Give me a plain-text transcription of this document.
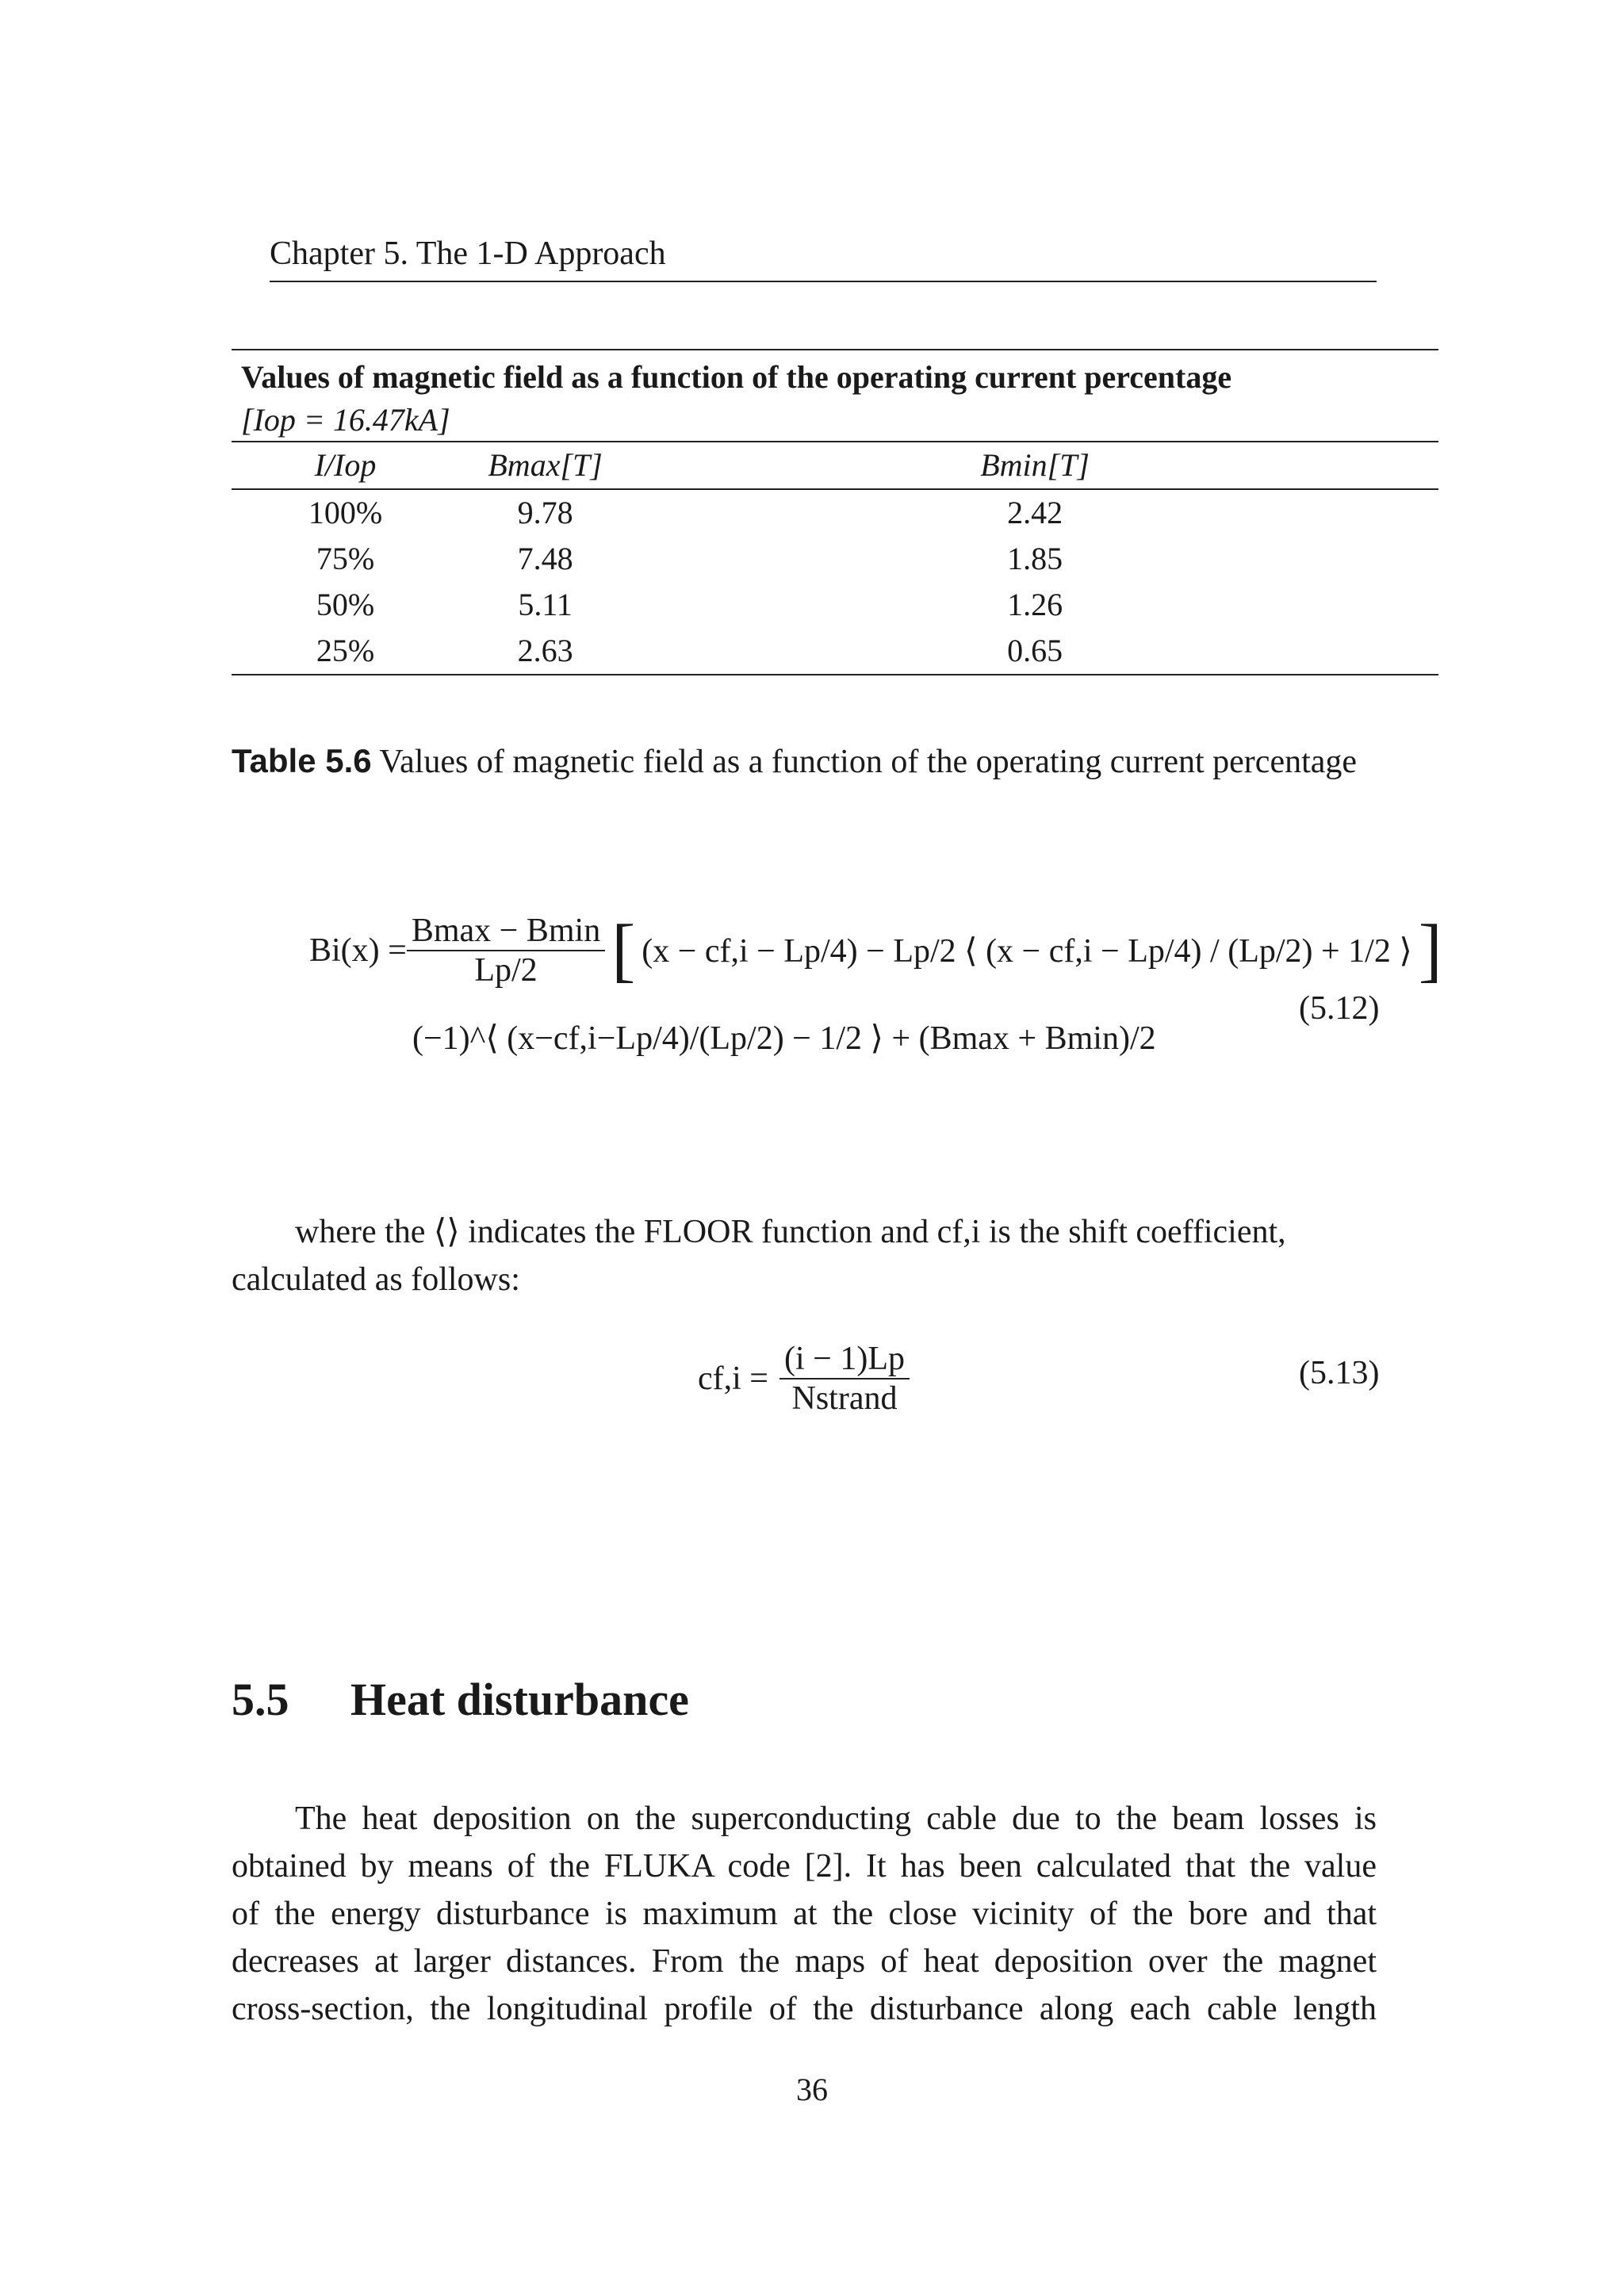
Chapter 5. The 1-D Approach
Values of magnetic field as a function of the operating current percentage
[Iop = 16.47kA]
I/Iop	Bmax[T]	Bmin[T]
100%	9.78	2.42
75%	7.48	1.85
50%	5.11	1.26
25%	2.63	0.65
Table 5.6 Values of magnetic field as a function of the operating current percentage
$Bi(x) = \frac{Bmax - Bmin}{Lp/2}$ [ (x − cf,i − Lp/4) − Lp/2 ⟨ (x − cf,i − Lp/4) / (Lp/2) + 1/2 ⟩ ]
(−1)^⟨ (x−cf,i−Lp/4)/(Lp/2) − 1/2 ⟩ + (Bmax + Bmin)/2
(5.12)
where the ⟨⟩ indicates the FLOOR function and cf,i is the shift coefficient,
calculated as follows:
$cf,i = \frac{(i - 1)Lp}{\text{Nstrand}}$	(5.13)
5.5 Heat disturbance
The heat deposition on the superconducting cable due to the beam losses is
obtained by means of the FLUKA code [2]. It has been calculated that the value
of the energy disturbance is maximum at the close vicinity of the bore and that
decreases at larger distances. From the maps of heat deposition over the magnet
cross-section, the longitudinal profile of the disturbance along each cable length
36
